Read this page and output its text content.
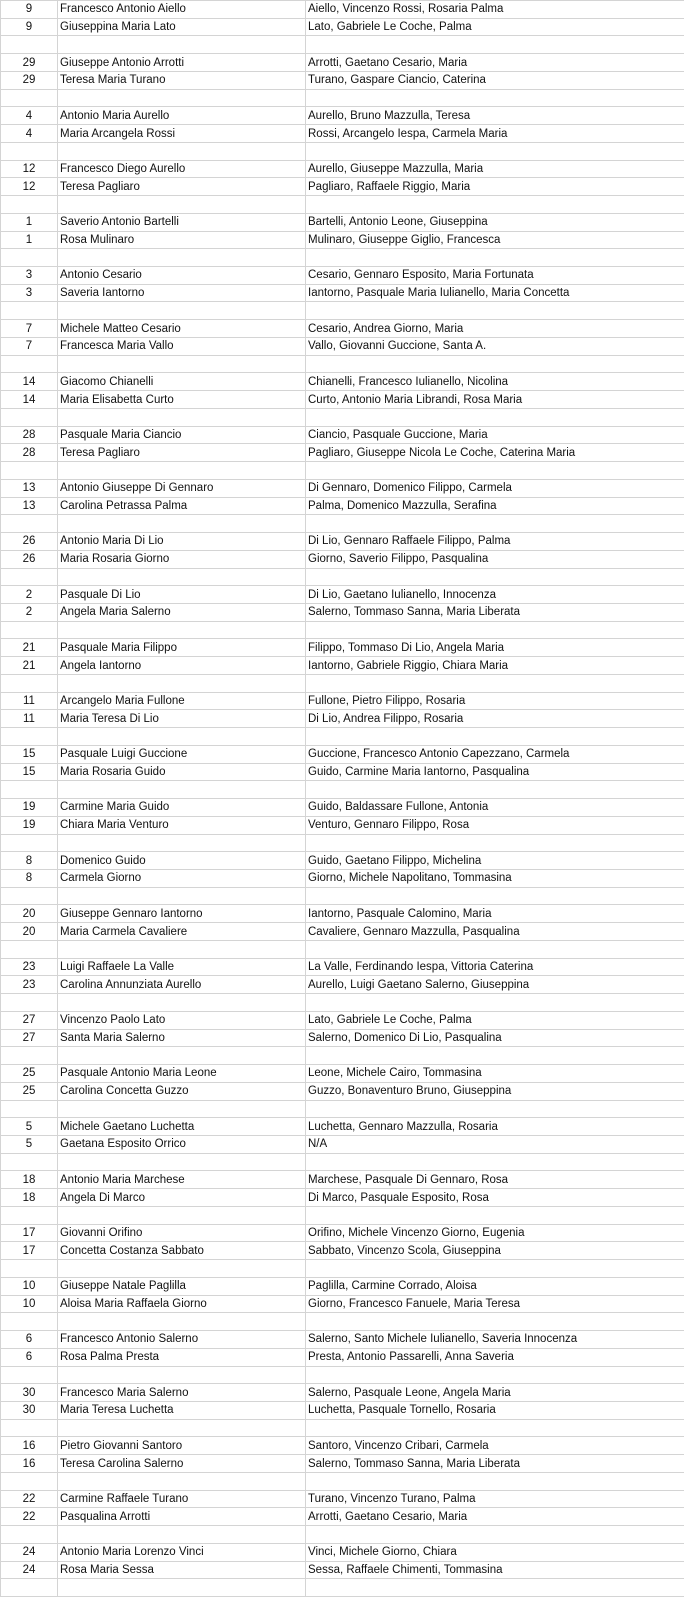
9	Francesco Antonio Aiello	Aiello, Vincenzo Rossi, Rosaria Palma
9	Giuseppina Maria Lato	Lato, Gabriele Le Coche, Palma

29	Giuseppe Antonio Arrotti	Arrotti, Gaetano Cesario, Maria
29	Teresa Maria Turano	Turano, Gaspare Ciancio, Caterina

4	Antonio Maria Aurello	Aurello, Bruno Mazzulla, Teresa
4	Maria Arcangela Rossi	Rossi, Arcangelo Iespa, Carmela Maria

12	Francesco Diego Aurello	Aurello, Giuseppe Mazzulla, Maria
12	Teresa Pagliaro	Pagliaro, Raffaele Riggio, Maria

1	Saverio Antonio Bartelli	Bartelli, Antonio Leone, Giuseppina
1	Rosa Mulinaro	Mulinaro, Giuseppe Giglio, Francesca

3	Antonio Cesario	Cesario, Gennaro Esposito, Maria Fortunata
3	Saveria Iantorno	Iantorno, Pasquale Maria Iulianello, Maria Concetta

7	Michele Matteo Cesario	Cesario, Andrea Giorno, Maria
7	Francesca Maria Vallo	Vallo, Giovanni Guccione, Santa A.

14	Giacomo Chianelli	Chianelli, Francesco Iulianello, Nicolina
14	Maria Elisabetta Curto	Curto, Antonio Maria Librandi, Rosa Maria

28	Pasquale Maria Ciancio	Ciancio, Pasquale Guccione, Maria
28	Teresa Pagliaro	Pagliaro, Giuseppe Nicola Le Coche, Caterina Maria

13	Antonio Giuseppe Di Gennaro	Di Gennaro, Domenico Filippo, Carmela
13	Carolina Petrassa Palma	Palma, Domenico Mazzulla, Serafina

26	Antonio Maria Di Lio	Di Lio, Gennaro Raffaele Filippo, Palma
26	Maria Rosaria Giorno	Giorno, Saverio Filippo, Pasqualina

2	Pasquale Di Lio	Di Lio, Gaetano Iulianello, Innocenza
2	Angela Maria Salerno	Salerno, Tommaso Sanna, Maria Liberata

21	Pasquale Maria Filippo	Filippo, Tommaso Di Lio, Angela Maria
21	Angela Iantorno	Iantorno, Gabriele Riggio, Chiara Maria

11	Arcangelo Maria Fullone	Fullone, Pietro Filippo, Rosaria
11	Maria Teresa Di Lio	Di Lio, Andrea Filippo, Rosaria

15	Pasquale Luigi Guccione	Guccione, Francesco Antonio Capezzano, Carmela
15	Maria Rosaria Guido	Guido, Carmine Maria Iantorno, Pasqualina

19	Carmine Maria Guido	Guido, Baldassare Fullone, Antonia
19	Chiara Maria Venturo	Venturo, Gennaro Filippo, Rosa

8	Domenico Guido	Guido, Gaetano Filippo, Michelina
8	Carmela Giorno	Giorno, Michele Napolitano, Tommasina

20	Giuseppe Gennaro Iantorno	Iantorno, Pasquale Calomino, Maria
20	Maria Carmela Cavaliere	Cavaliere, Gennaro Mazzulla, Pasqualina

23	Luigi Raffaele La Valle	La Valle, Ferdinando Iespa, Vittoria Caterina
23	Carolina Annunziata Aurello	Aurello, Luigi Gaetano Salerno, Giuseppina

27	Vincenzo Paolo Lato	Lato, Gabriele Le Coche, Palma
27	Santa Maria Salerno	Salerno, Domenico Di Lio, Pasqualina

25	Pasquale Antonio Maria Leone	Leone, Michele Cairo, Tommasina
25	Carolina Concetta Guzzo	Guzzo, Bonaventuro Bruno, Giuseppina

5	Michele Gaetano Luchetta	Luchetta, Gennaro Mazzulla, Rosaria
5	Gaetana Esposito Orrico	N/A

18	Antonio Maria Marchese	Marchese, Pasquale Di Gennaro, Rosa
18	Angela Di Marco	Di Marco, Pasquale Esposito, Rosa

17	Giovanni Orifino	Orifino, Michele Vincenzo Giorno, Eugenia
17	Concetta Costanza Sabbato	Sabbato, Vincenzo Scola, Giuseppina

10	Giuseppe Natale Paglilla	Paglilla, Carmine Corrado, Aloisa
10	Aloisa Maria Raffaela Giorno	Giorno, Francesco Fanuele, Maria Teresa

6	Francesco Antonio Salerno	Salerno, Santo Michele Iulianello, Saveria Innocenza
6	Rosa Palma Presta	Presta, Antonio Passarelli, Anna Saveria

30	Francesco Maria Salerno	Salerno, Pasquale Leone, Angela Maria
30	Maria Teresa Luchetta	Luchetta, Pasquale Tornello, Rosaria

16	Pietro Giovanni Santoro	Santoro, Vincenzo Cribari, Carmela
16	Teresa Carolina Salerno	Salerno, Tommaso Sanna, Maria Liberata

22	Carmine Raffaele Turano	Turano, Vincenzo Turano, Palma
22	Pasqualina Arrotti	Arrotti, Gaetano Cesario, Maria

24	Antonio Maria Lorenzo Vinci	Vinci, Michele Giorno, Chiara
24	Rosa Maria Sessa	Sessa, Raffaele Chimenti, Tommasina
